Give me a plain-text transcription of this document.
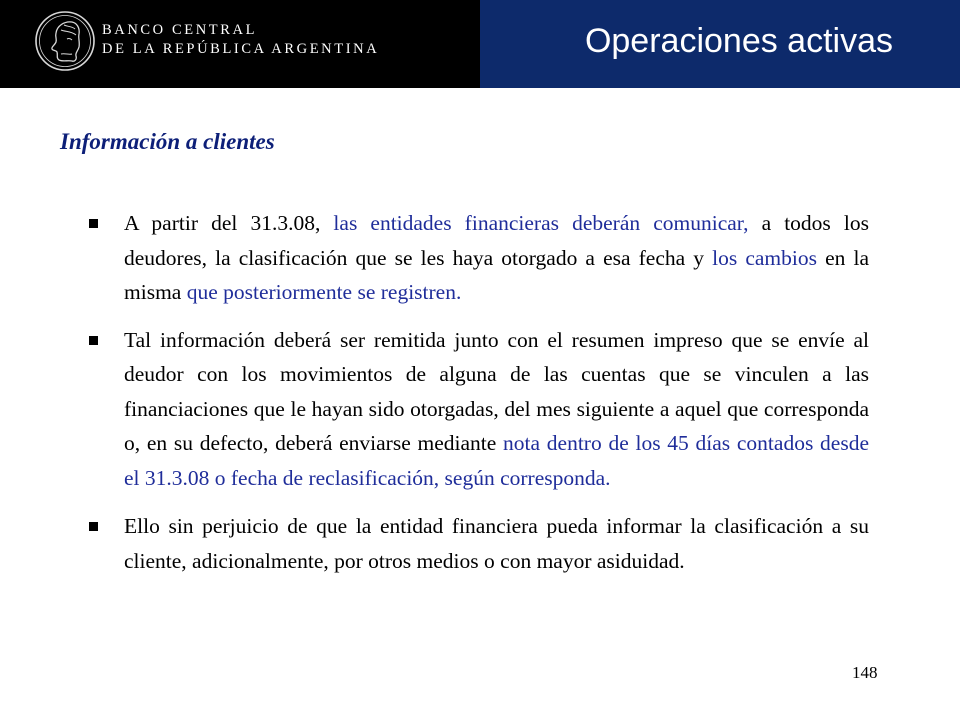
BANCO CENTRAL
DE LA REPÚBLICA ARGENTINA	Operaciones activas
Información a clientes
A partir del 31.3.08, las entidades financieras deberán comunicar, a todos los deudores, la clasificación que se les haya otorgado a esa fecha y los cambios en la misma que posteriormente se registren.
Tal información deberá ser remitida junto con el resumen impreso que se envíe al deudor con los movimientos de alguna de las cuentas que se vinculen a las financiaciones que le hayan sido otorgadas, del mes siguiente a aquel que corresponda o, en su defecto, deberá enviarse mediante nota dentro de los 45 días contados desde el 31.3.08 o fecha de reclasificación, según corresponda.
Ello sin perjuicio de que la entidad financiera pueda informar la clasificación a su cliente, adicionalmente, por otros medios o con mayor asiduidad.
148
